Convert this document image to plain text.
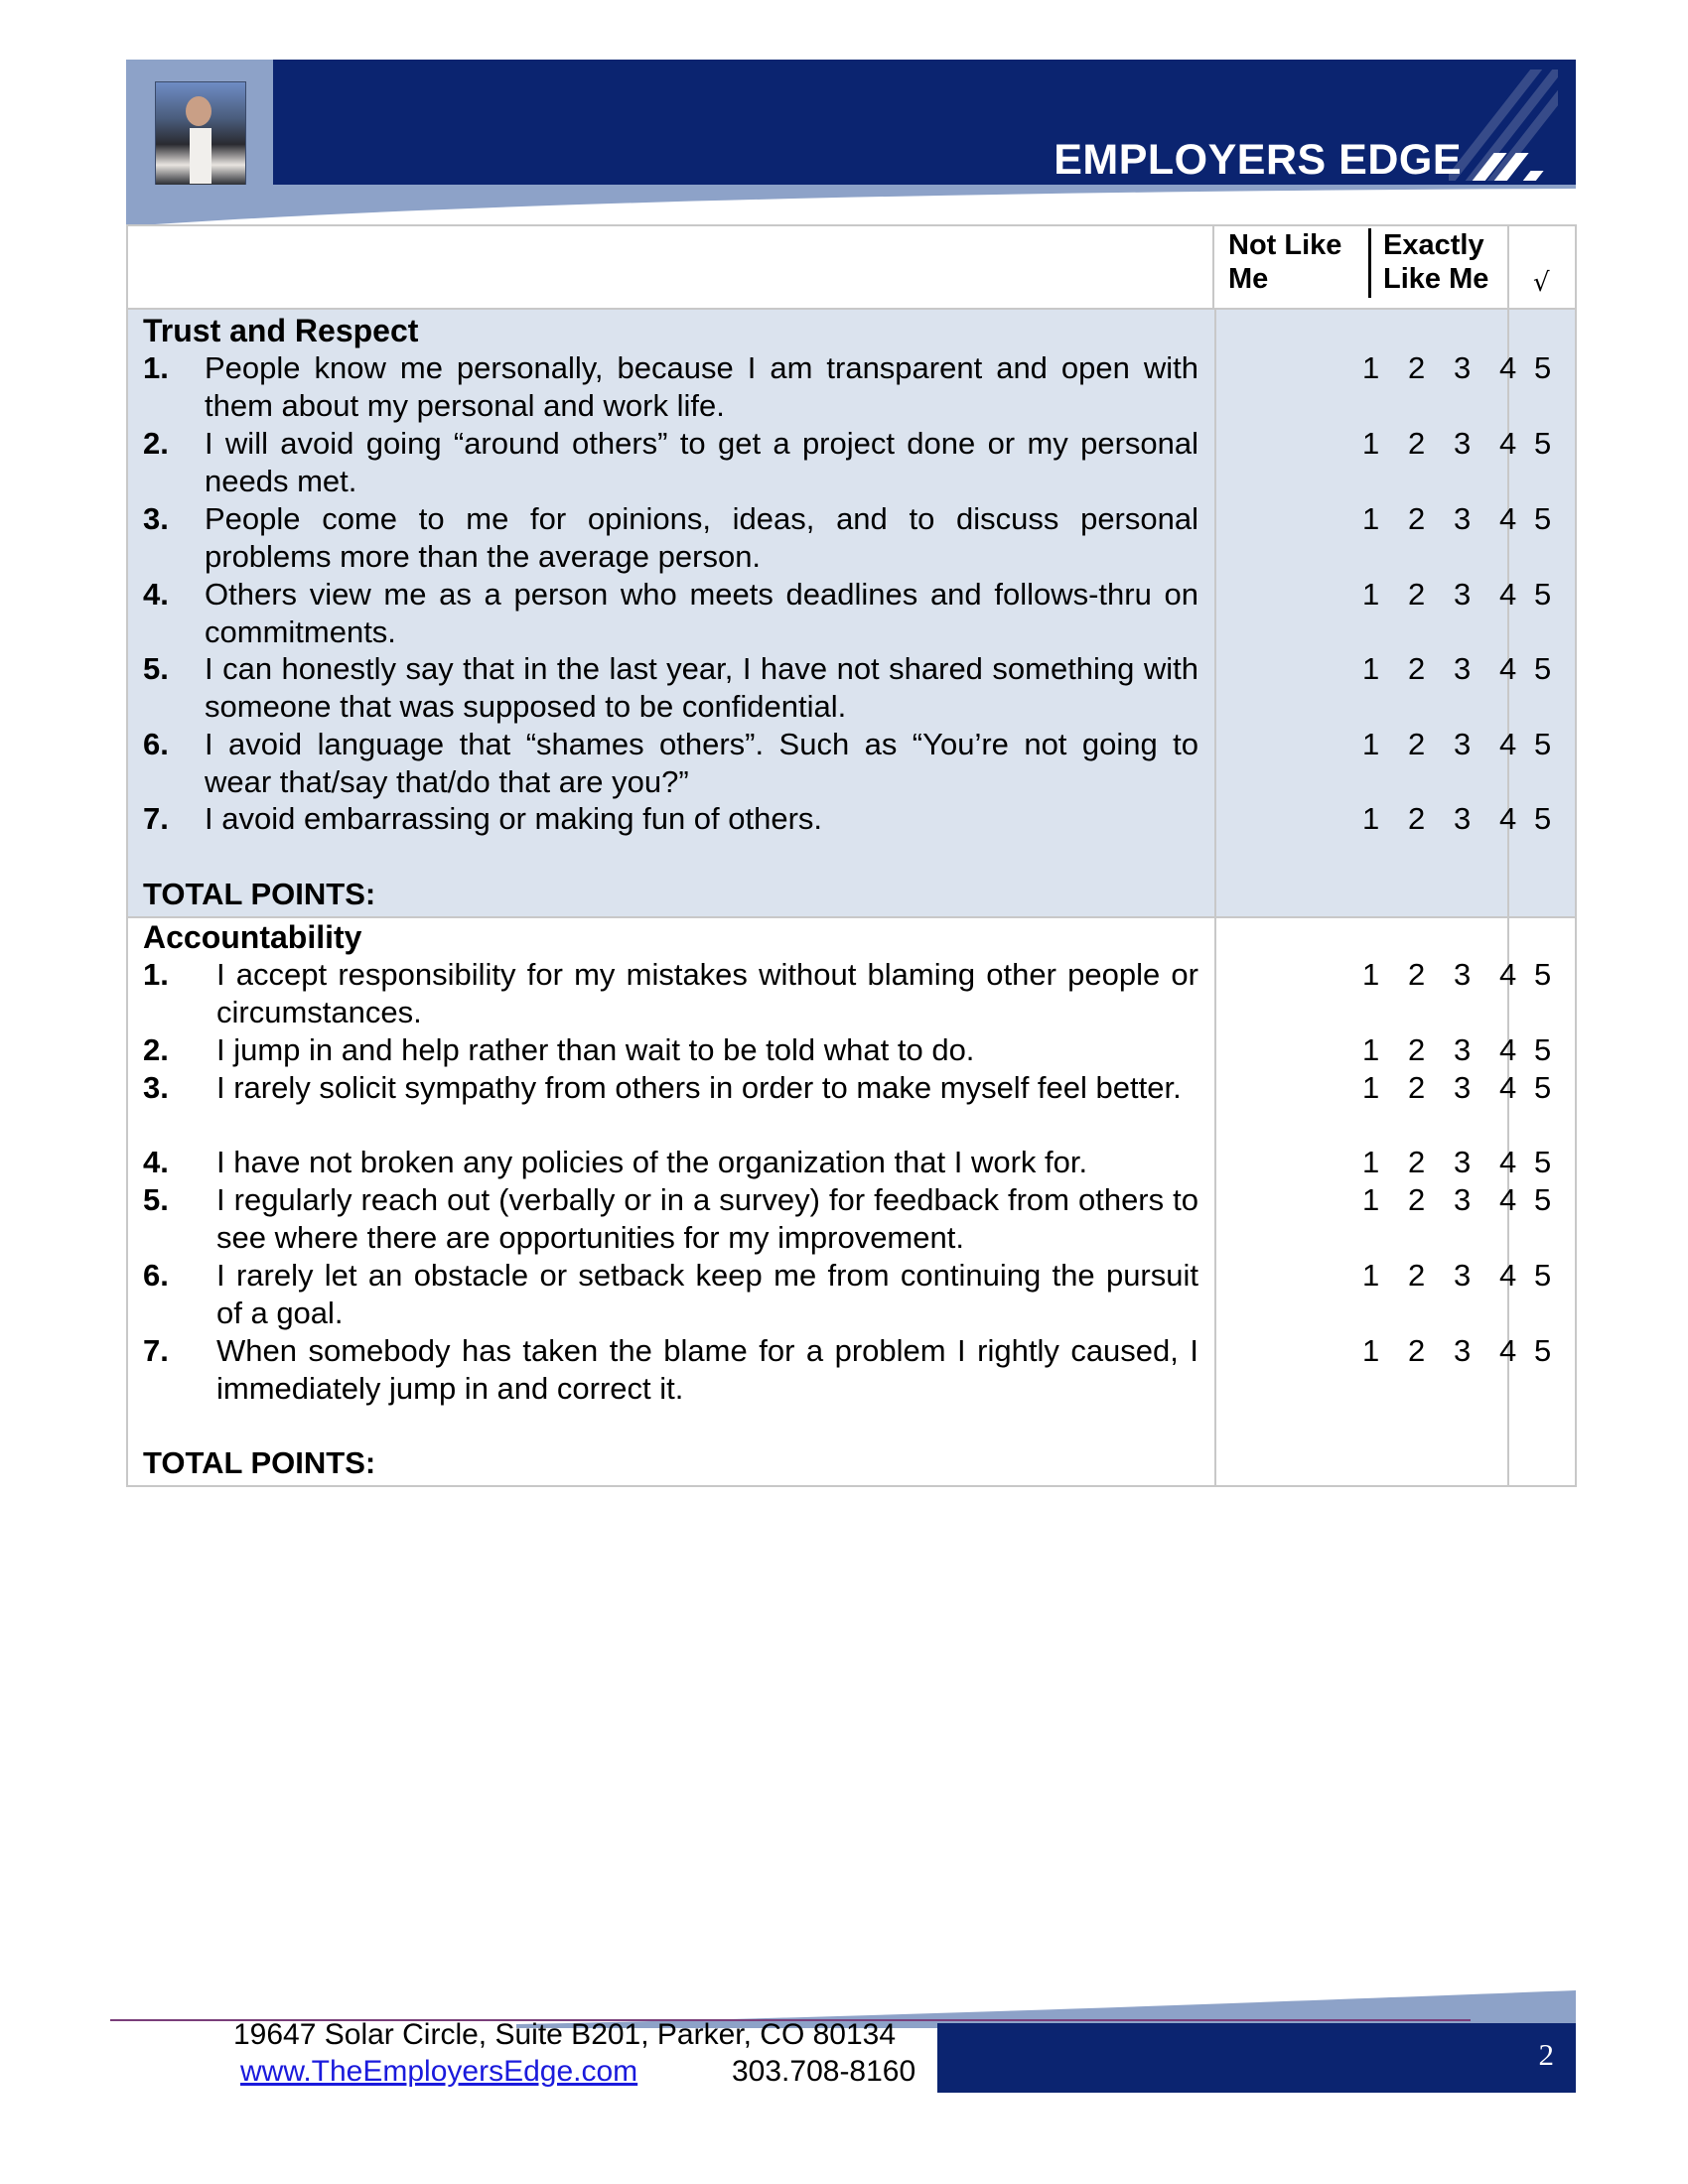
EMPLOYERS EDGE
Not Like Me
Exactly Like Me	√
Trust and Respect
1. People know me personally, because I am transparent and open with them about my personal and work life.
2. I will avoid going “around others” to get a project done or my personal needs met.
3. People come to me for opinions, ideas, and to discuss personal problems more than the average person.
4. Others view me as a person who meets deadlines and follows-thru on commitments.
5. I can honestly say that in the last year, I have not shared something with someone that was supposed to be confidential.
6. I avoid language that “shames others”. Such as “You’re not going to wear that/say that/do that are you?”
7. I avoid embarrassing or making fun of others.
TOTAL POINTS:
1 2 3 4 5
1 2 3 4 5
1 2 3 4 5
1 2 3 4 5
1 2 3 4 5
1 2 3 4 5
1 2 3 4 5
Accountability
1. I accept responsibility for my mistakes without blaming other people or circumstances.
2. I jump in and help rather than wait to be told what to do.
3. I rarely solicit sympathy from others in order to make myself feel better.
4. I have not broken any policies of the organization that I work for.
5. I regularly reach out (verbally or in a survey) for feedback from others to see where there are opportunities for my improvement.
6. I rarely let an obstacle or setback keep me from continuing the pursuit of a goal.
7. When somebody has taken the blame for a problem I rightly caused, I immediately jump in and correct it.
TOTAL POINTS:
1 2 3 4 5
1 2 3 4 5
1 2 3 4 5
1 2 3 4 5
1 2 3 4 5
1 2 3 4 5
1 2 3 4 5
2
19647 Solar Circle, Suite B201, Parker, CO 80134
www.TheEmployersEdge.com	303.708-8160
